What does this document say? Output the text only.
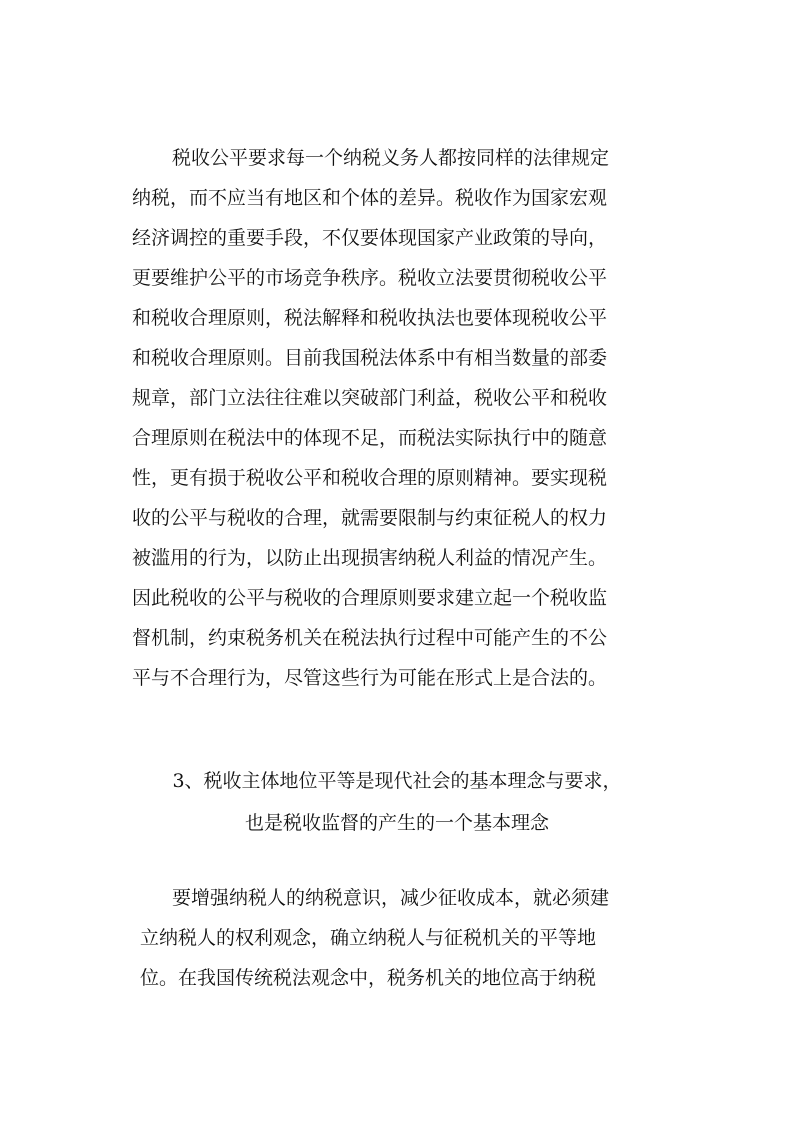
税收公平要求每一个纳税义务人都按同样的法律规定
纳税，而不应当有地区和个体的差异。税收作为国家宏观
经济调控的重要手段，不仅要体现国家产业政策的导向，
更要维护公平的市场竞争秩序。税收立法要贯彻税收公平
和税收合理原则，税法解释和税收执法也要体现税收公平
和税收合理原则。目前我国税法体系中有相当数量的部委
规章，部门立法往往难以突破部门利益，税收公平和税收
合理原则在税法中的体现不足，而税法实际执行中的随意
性，更有损于税收公平和税收合理的原则精神。要实现税
收的公平与税收的合理，就需要限制与约束征税人的权力
被滥用的行为，以防止出现损害纳税人利益的情况产生。
因此税收的公平与税收的合理原则要求建立起一个税收监
督机制，约束税务机关在税法执行过程中可能产生的不公
平与不合理行为，尽管这些行为可能在形式上是合法的。
3、税收主体地位平等是现代社会的基本理念与要求，
也是税收监督的产生的一个基本理念
要增强纳税人的纳税意识，减少征收成本，就必须建
立纳税人的权利观念，确立纳税人与征税机关的平等地
位。在我国传统税法观念中，税务机关的地位高于纳税
